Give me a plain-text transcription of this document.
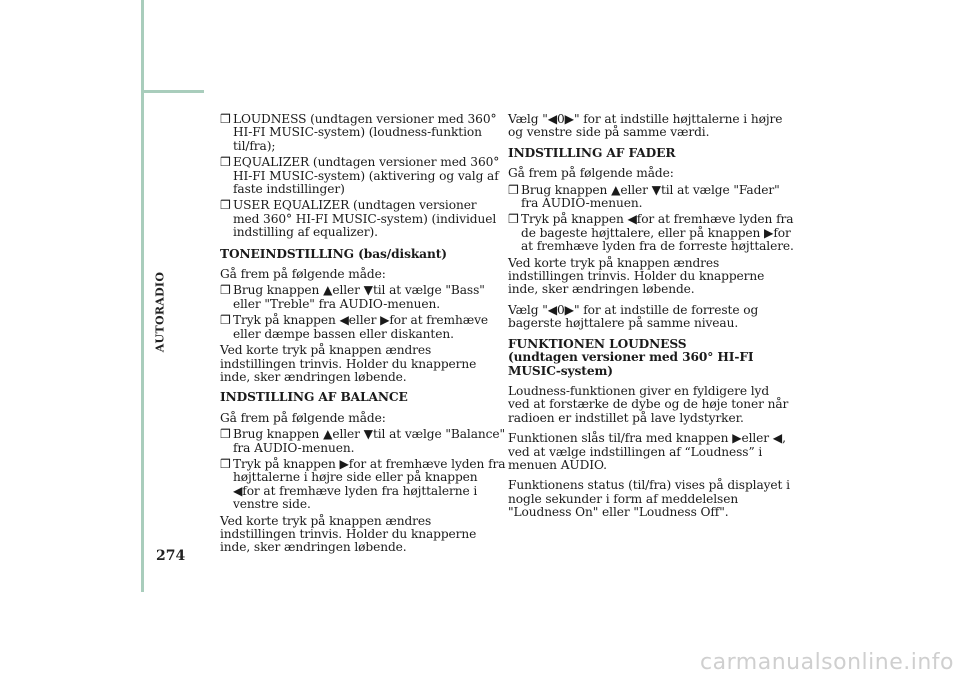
AUTORADIO
274
❒ LOUDNESS (undtagen versioner med 360° HI-FI MUSIC-system) (loudness-funktion til/fra);
❒ EQUALIZER (undtagen versioner med 360° HI-FI MUSIC-system) (aktivering og valg af faste indstillinger)
❒ USER EQUALIZER (undtagen versioner med 360° HI-FI MUSIC-system) (individuel indstilling af equalizer).
TONEINDSTILLING (bas/diskant)

Gå frem på følgende måde:

❒ Brug knappen ▲eller ▼til at vælge "Bass" eller "Treble" fra AUDIO-menuen.
❒ Tryk på knappen ◀eller ▶for at fremhæve eller dæmpe bassen eller diskanten.

Ved korte tryk på knappen ændres indstillingen trinvis. Holder du knapperne inde, sker ændringen løbende.

INDSTILLING AF BALANCE

Gå frem på følgende måde:

❒ Brug knappen ▲eller ▼til at vælge "Balance" fra AUDIO-menuen.
❒ Tryk på knappen ▶for at fremhæve lyden fra højttalerne i højre side eller på knappen ◀for at fremhæve lyden fra højttalerne i venstre side.

Ved korte tryk på knappen ændres indstillingen trinvis. Holder du knapperne inde, sker ændringen løbende.

Vælg "◀0▶" for at indstille højttalerne i højre og venstre side på samme værdi.

INDSTILLING AF FADER

Gå frem på følgende måde:

❒ Brug knappen ▲eller ▼til at vælge "Fader" fra AUDIO-menuen.
❒ Tryk på knappen ◀for at fremhæve lyden fra de bageste højttalere, eller på knappen ▶for at fremhæve lyden fra de forreste højttalere.

Ved korte tryk på knappen ændres indstillingen trinvis. Holder du knapperne inde, sker ændringen løbende.

Vælg "◀0▶" for at indstille de forreste og bagerste højttalere på samme niveau.

FUNKTIONEN LOUDNESS
(undtagen versioner med 360° HI-FI MUSIC-system)

Loudness-funktionen giver en fyldigere lyd ved at forstærke de dybe og de høje toner når radioen er indstillet på lave lydstyrker.

Funktionen slås til/fra med knappen ▶eller ◀, ved at vælge indstillingen af “Loudness” i menuen AUDIO.

Funktionens status (til/fra) vises på displayet i nogle sekunder i form af meddelelsen "Loudness On" eller "Loudness Off".

carmanualsonline.info
